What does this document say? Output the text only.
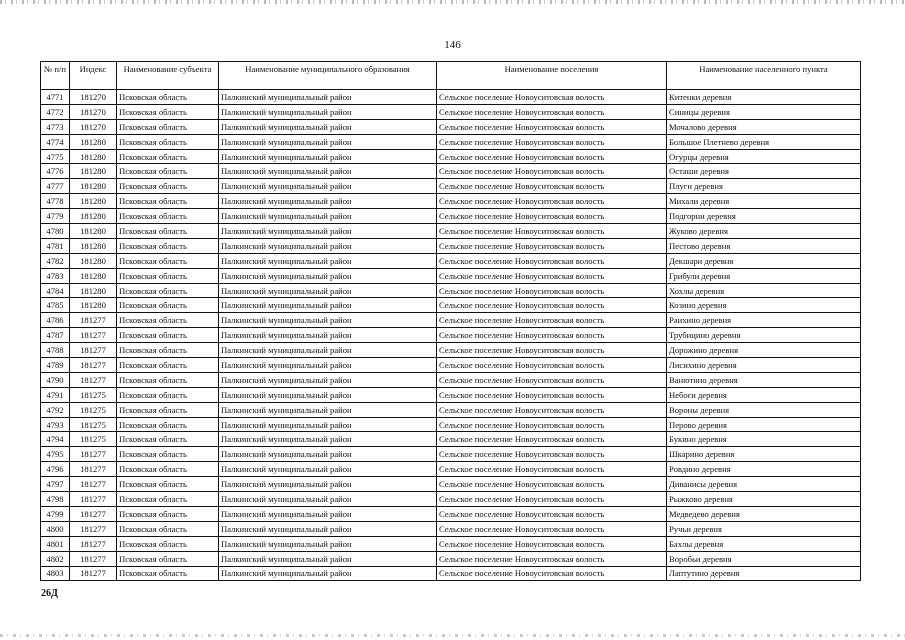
146
№ п/п	Индекс	Наименование субъекта	Наименование муниципального образования	Наименование поселения	Наименование населенного пункта
4771	181270	Псковская область	Палкинский муниципальный район	Сельское поселение Новоуситовская волость	Китенки деревня
4772	181270	Псковская область	Палкинский муниципальный район	Сельское поселение Новоуситовская волость	Синицы деревня
4773	181270	Псковская область	Палкинский муниципальный район	Сельское поселение Новоуситовская волость	Мочалово деревня
4774	181280	Псковская область	Палкинский муниципальный район	Сельское поселение Новоуситовская волость	Большое Плетнево деревня
4775	181280	Псковская область	Палкинский муниципальный район	Сельское поселение Новоуситовская волость	Огурцы деревня
4776	181280	Псковская область	Палкинский муниципальный район	Сельское поселение Новоуситовская волость	Осташи деревня
4777	181280	Псковская область	Палкинский муниципальный район	Сельское поселение Новоуситовская волость	Плуги деревня
4778	181280	Псковская область	Палкинский муниципальный район	Сельское поселение Новоуситовская волость	Михали деревня
4779	181280	Псковская область	Палкинский муниципальный район	Сельское поселение Новоуситовская волость	Подгорни деревня
4780	181280	Псковская область	Палкинский муниципальный район	Сельское поселение Новоуситовская волость	Жуково деревня
4781	181280	Псковская область	Палкинский муниципальный район	Сельское поселение Новоуситовская волость	Пестово деревня
4782	181280	Псковская область	Палкинский муниципальный район	Сельское поселение Новоуситовская волость	Декшари деревня
4783	181280	Псковская область	Палкинский муниципальный район	Сельское поселение Новоуситовская волость	Грибули деревня
4784	181280	Псковская область	Палкинский муниципальный район	Сельское поселение Новоуситовская волость	Хохлы деревня
4785	181280	Псковская область	Палкинский муниципальный район	Сельское поселение Новоуситовская волость	Козино деревня
4786	181277	Псковская область	Палкинский муниципальный район	Сельское поселение Новоуситовская волость	Раихино деревня
4787	181277	Псковская область	Палкинский муниципальный район	Сельское поселение Новоуситовская волость	Трубицино деревня
4788	181277	Псковская область	Палкинский муниципальный район	Сельское поселение Новоуситовская волость	Дорожино деревня
4789	181277	Псковская область	Палкинский муниципальный район	Сельское поселение Новоуситовская волость	Лисихино деревня
4790	181277	Псковская область	Палкинский муниципальный район	Сельское поселение Новоуситовская волость	Ванютино деревня
4791	181275	Псковская область	Палкинский муниципальный район	Сельское поселение Новоуситовская волость	Небоги деревня
4792	181275	Псковская область	Палкинский муниципальный район	Сельское поселение Новоуситовская волость	Вороны деревня
4793	181275	Псковская область	Палкинский муниципальный район	Сельское поселение Новоуситовская волость	Перово деревня
4794	181275	Псковская область	Палкинский муниципальный район	Сельское поселение Новоуситовская волость	Букино деревня
4795	181277	Псковская область	Палкинский муниципальный район	Сельское поселение Новоуситовская волость	Шкарино деревня
4796	181277	Псковская область	Палкинский муниципальный район	Сельское поселение Новоуситовская волость	Ровдино деревня
4797	181277	Псковская область	Палкинский муниципальный район	Сельское поселение Новоуситовская волость	Диванисы деревня
4798	181277	Псковская область	Палкинский муниципальный район	Сельское поселение Новоуситовская волость	Рыжково деревня
4799	181277	Псковская область	Палкинский муниципальный район	Сельское поселение Новоуситовская волость	Медведево деревня
4800	181277	Псковская область	Палкинский муниципальный район	Сельское поселение Новоуситовская волость	Ручьи деревня
4801	181277	Псковская область	Палкинский муниципальный район	Сельское поселение Новоуситовская волость	Бахлы деревня
4802	181277	Псковская область	Палкинский муниципальный район	Сельское поселение Новоуситовская волость	Воробьи деревня
4803	181277	Псковская область	Палкинский муниципальный район	Сельское поселение Новоуситовская волость	Лаптутино деревня
26Д
